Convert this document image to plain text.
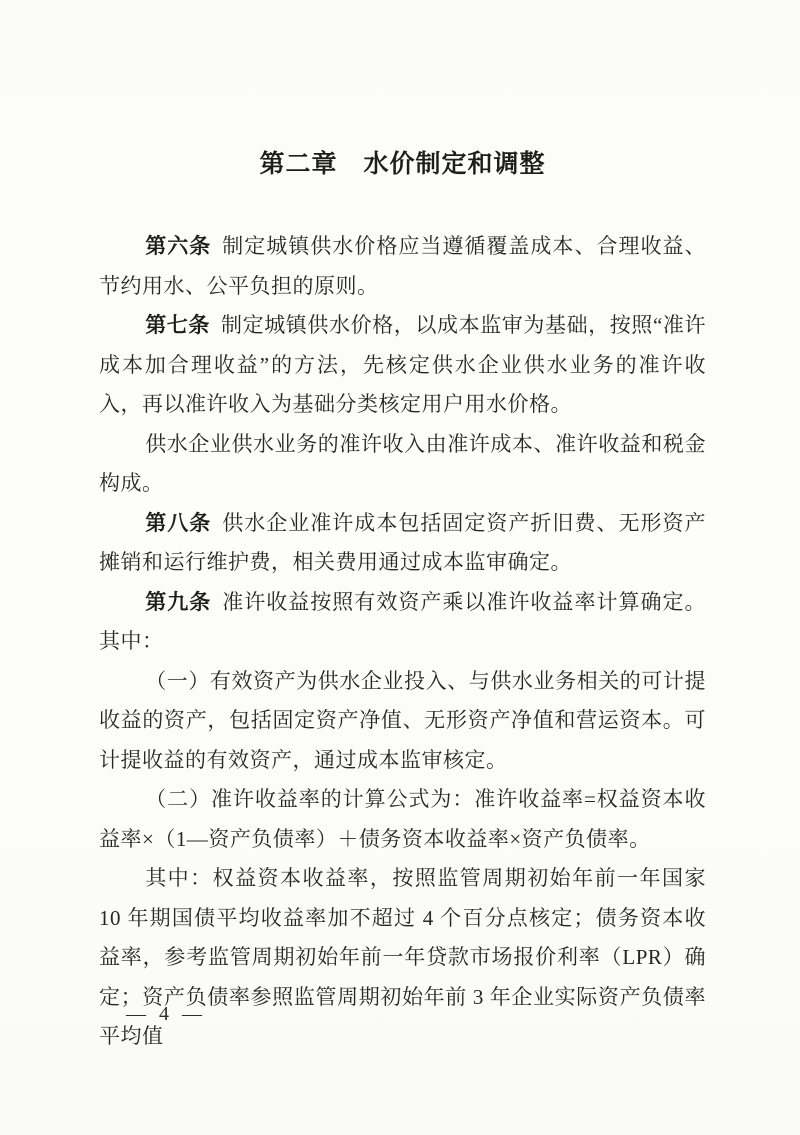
第二章　水价制定和调整

第六条 制定城镇供水价格应当遵循覆盖成本、合理收益、节约用水、公平负担的原则。

第七条 制定城镇供水价格，以成本监审为基础，按照“准许成本加合理收益”的方法，先核定供水企业供水业务的准许收入，再以准许收入为基础分类核定用户用水价格。

供水企业供水业务的准许收入由准许成本、准许收益和税金构成。

第八条 供水企业准许成本包括固定资产折旧费、无形资产摊销和运行维护费，相关费用通过成本监审确定。

第九条 准许收益按照有效资产乘以准许收益率计算确定。其中：

（一）有效资产为供水企业投入、与供水业务相关的可计提收益的资产，包括固定资产净值、无形资产净值和营运资本。可计提收益的有效资产，通过成本监审核定。

（二）准许收益率的计算公式为：准许收益率=权益资本收益率×（1—资产负债率）＋债务资本收益率×资产负债率。

其中：权益资本收益率，按照监管周期初始年前一年国家 10 年期国债平均收益率加不超过 4 个百分点核定；债务资本收益率，参考监管周期初始年前一年贷款市场报价利率（LPR）确定；资产负债率参照监管周期初始年前 3 年企业实际资产负债率平均值

— 4 —
